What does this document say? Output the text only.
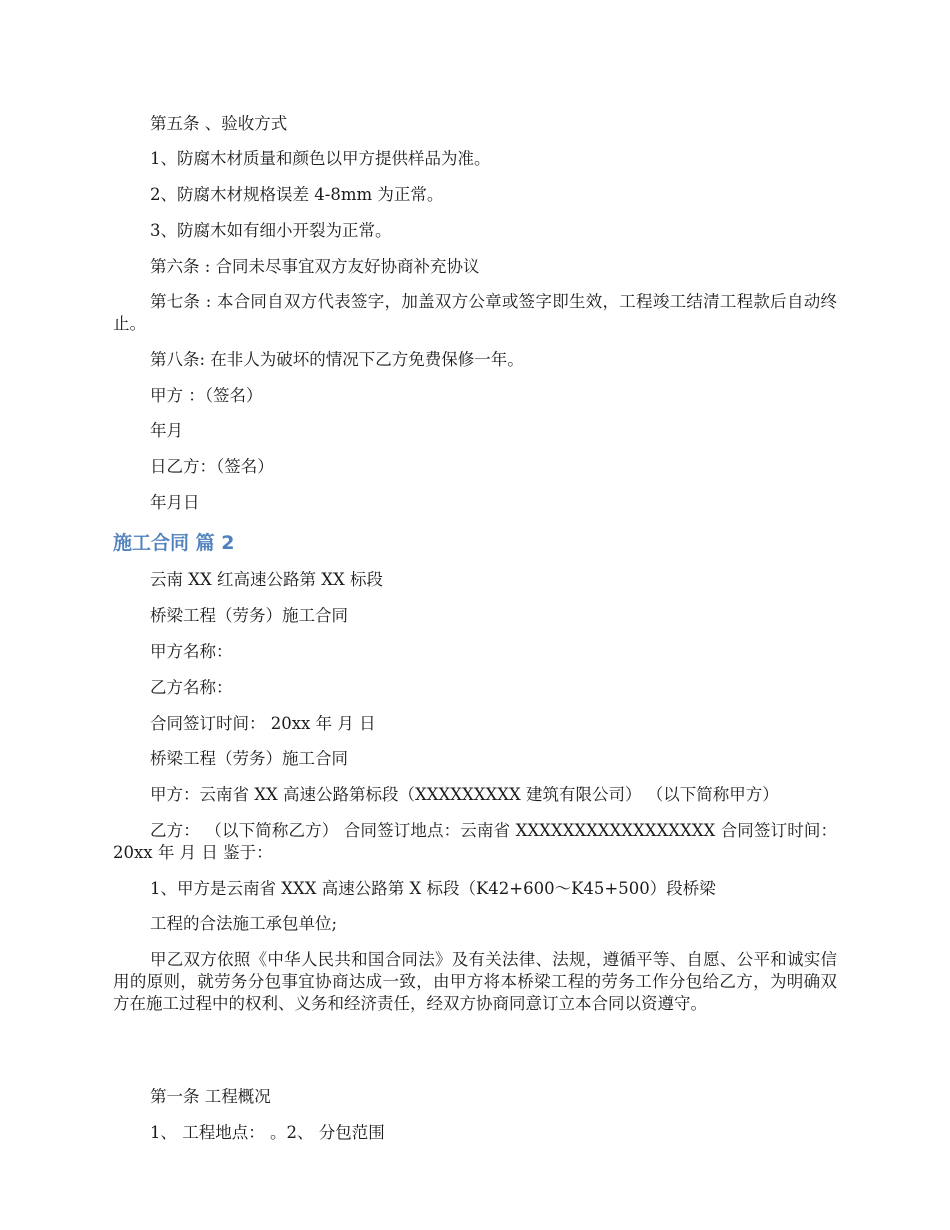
第五条 、验收方式
1、防腐木材质量和颜色以甲方提供样品为准。
2、防腐木材规格误差 4-8mm 为正常。
3、防腐木如有细小开裂为正常。
第六条 : 合同未尽事宜双方友好协商补充协议
第七条 : 本合同自双方代表签字，加盖双方公章或签字即生效，工程竣工结清工程款后自动终止。
第八条: 在非人为破坏的情况下乙方免费保修一年。
甲方 ：（签名）
年月
日乙方：（签名）
年月日
施工合同 篇 2
云南 XX 红高速公路第 XX 标段
桥梁工程（劳务）施工合同
甲方名称：
乙方名称：
合同签订时间： 20xx 年 月 日
桥梁工程（劳务）施工合同
甲方：云南省 XX 高速公路第标段（XXXXXXXXX 建筑有限公司） （以下简称甲方）
乙方： （以下简称乙方） 合同签订地点：云南省 XXXXXXXXXXXXXXXXX 合同签订时间：20xx 年 月 日 鉴于：
1、甲方是云南省 XXX 高速公路第 X 标段（K42+600～K45+500）段桥梁
工程的合法施工承包单位;
甲乙双方依照《中华人民共和国合同法》及有关法律、法规，遵循平等、自愿、公平和诚实信用的原则，就劳务分包事宜协商达成一致，由甲方将本桥梁工程的劳务工作分包给乙方，为明确双方在施工过程中的权利、义务和经济责任，经双方协商同意订立本合同以资遵守。
第一条 工程概况
1、 工程地点： 。2、 分包范围
